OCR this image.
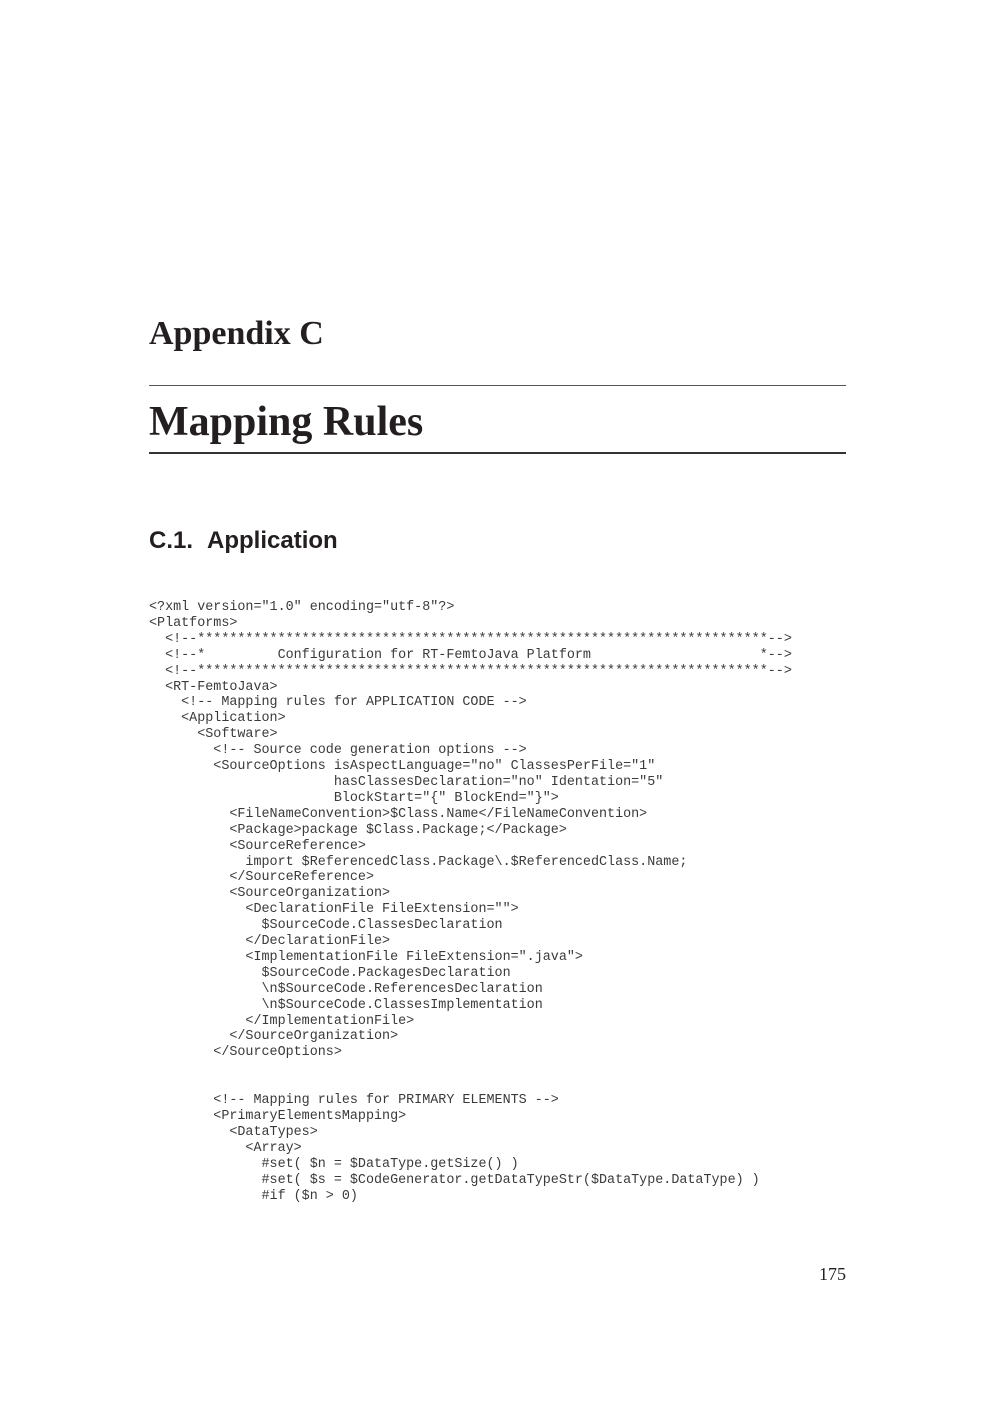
Appendix C
Mapping Rules
C.1. Application
<?xml version="1.0" encoding="utf-8"?>
<Platforms>
<!--***********************************************************************-->
<!--*         Configuration for RT-FemtoJava Platform                     *-->
<!--***********************************************************************-->
<RT-FemtoJava>
<!-- Mapping rules for APPLICATION CODE -->
<Application>
<Software>
<!-- Source code generation options -->
<SourceOptions isAspectLanguage="no" ClassesPerFile="1"
hasClassesDeclaration="no" Identation="5"
BlockStart="{" BlockEnd="}">
<FileNameConvention>$Class.Name</FileNameConvention>
<Package>package $Class.Package;</Package>
<SourceReference>
import $ReferencedClass.Package\.$ReferencedClass.Name;
</SourceReference>
<SourceOrganization>
<DeclarationFile FileExtension="">
$SourceCode.ClassesDeclaration
</DeclarationFile>
<ImplementationFile FileExtension=".java">
$SourceCode.PackagesDeclaration
\n$SourceCode.ReferencesDeclaration
\n$SourceCode.ClassesImplementation
</ImplementationFile>
</SourceOrganization>
</SourceOptions>

<!-- Mapping rules for PRIMARY ELEMENTS -->
<PrimaryElementsMapping>
<DataTypes>
<Array>
#set( $n = $DataType.getSize() )
#set( $s = $CodeGenerator.getDataTypeStr($DataType.DataType) )
#if ($n > 0)
175
